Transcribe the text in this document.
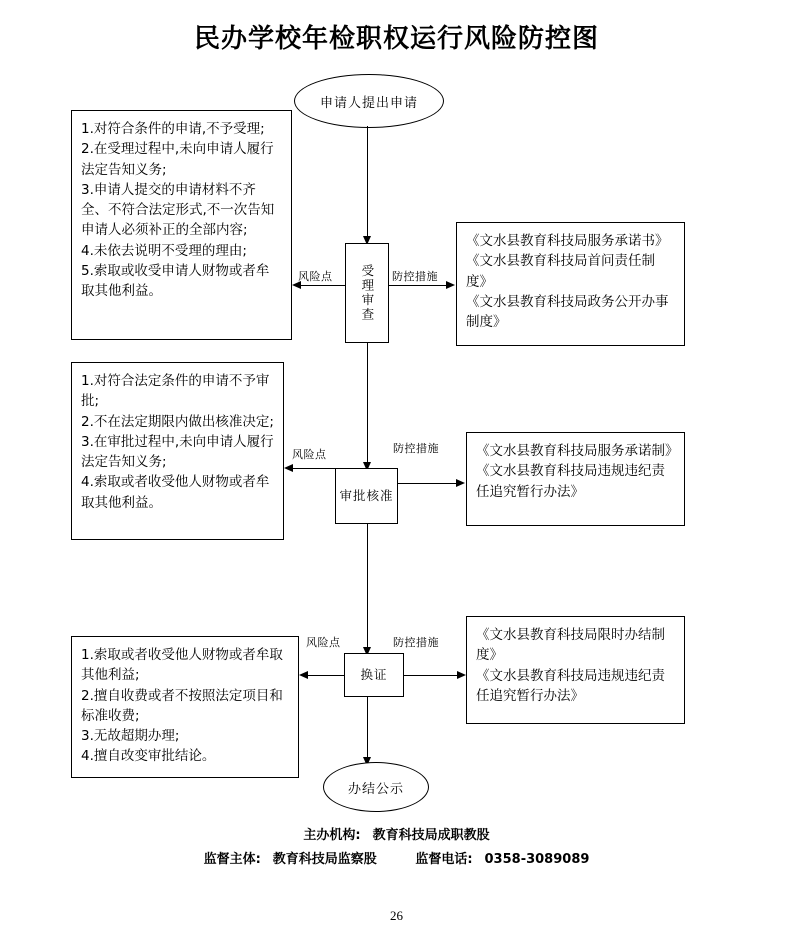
民办学校年检职权运行风险防控图
申请人提出申请
1.对符合条件的申请,不予受理;
2.在受理过程中,未向申请人履行法定告知义务;
3.申请人提交的申请材料不齐全、不符合法定形式,不一次告知申请人必须补正的全部内容;
4.未依去说明不受理的理由;
5.索取或收受申请人财物或者牟取其他利益。	受理审查
风险点	防控措施
《文水县教育科技局服务承诺书》
《文水县教育科技局首问责任制度》
《文水县教育科技局政务公开办事制度》
1.对符合法定条件的申请不予审批;
2.不在法定期限内做出核准决定;
3.在审批过程中,未向申请人履行法定告知义务;
4.索取或者收受他人财物或者牟取其他利益。	审批核准
风险点	防控措施	《文水县教育科技局服务承诺制》
《文水县教育科技局违规违纪责任追究暂行办法》
1.索取或者收受他人财物或者牟取其他利益;
2.擅自收费或者不按照法定项目和标准收费;
3.无故超期办理;
4.擅自改变审批结论。
换证
风险点	防控措施	《文水县教育科技局限时办结制度》
《文水县教育科技局违规违纪责任追究暂行办法》
办结公示
主办机构: 教育科技局成职教股
监督主体: 教育科技局监察股	监督电话: 0358-3089089
26
